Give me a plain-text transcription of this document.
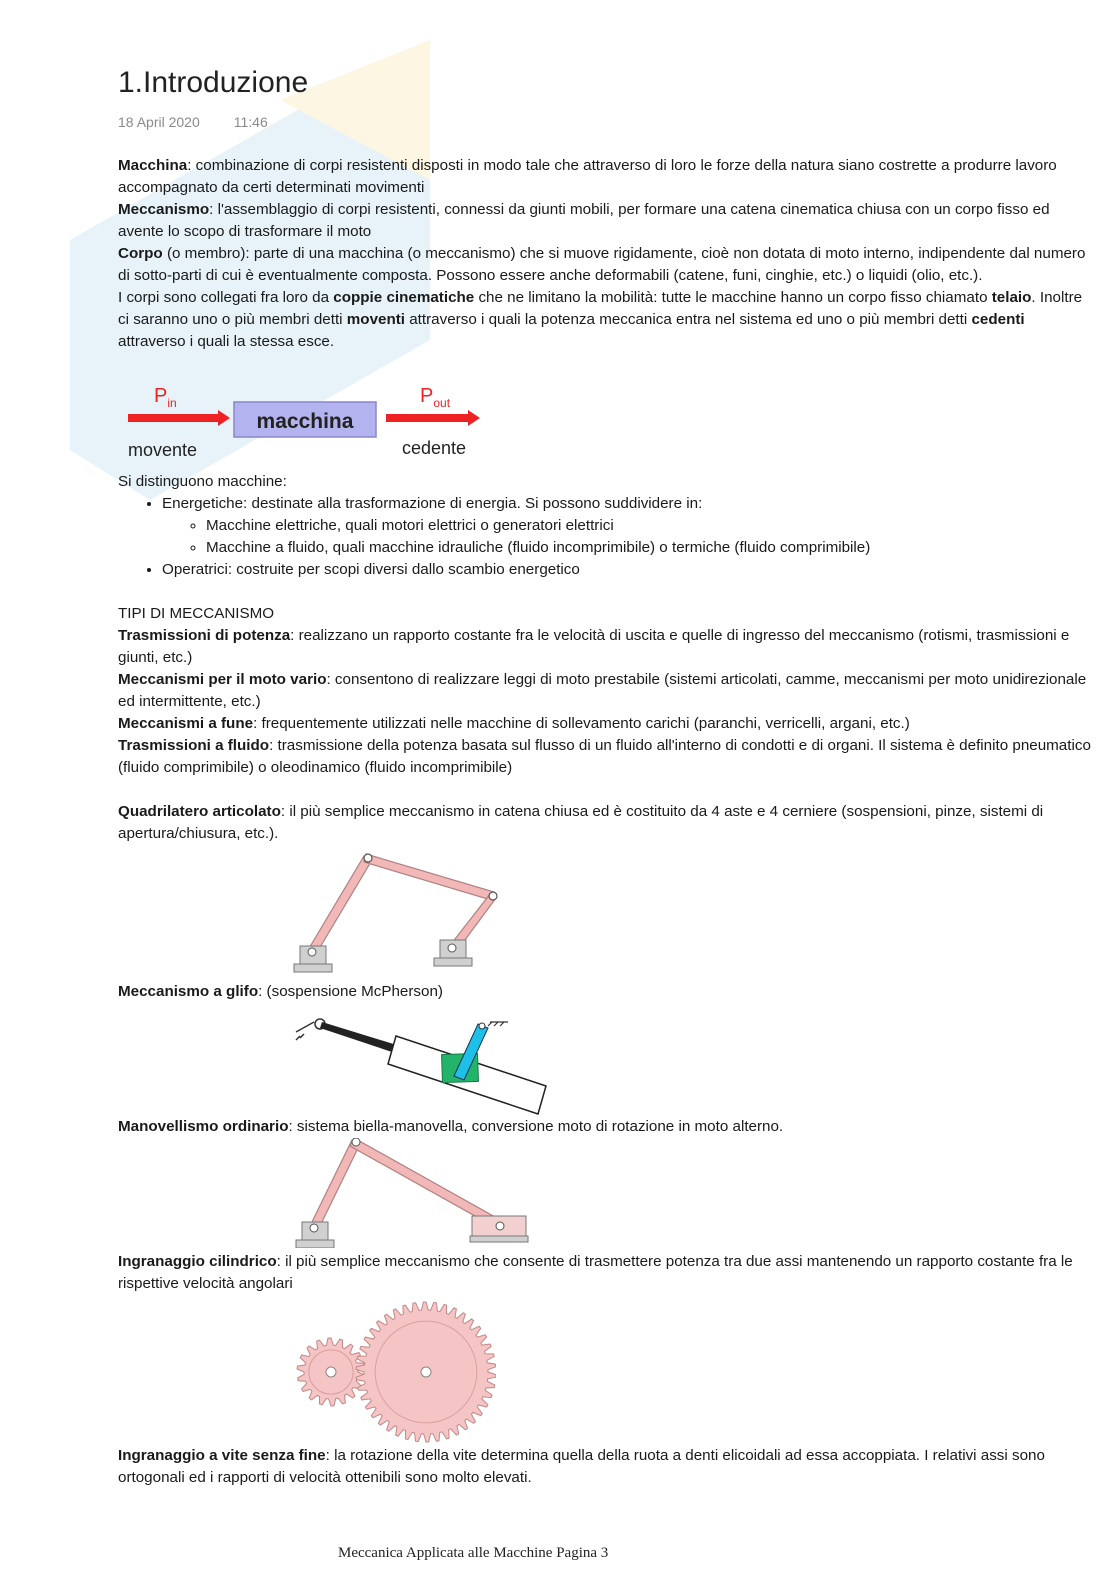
1.Introduzione
18 April 2020 11:46

Macchina: combinazione di corpi resistenti disposti in modo tale che attraverso di loro le forze della natura siano costrette a produrre lavoro accompagnato da certi determinati movimenti

Meccanismo: l'assemblaggio di corpi resistenti, connessi da giunti mobili, per formare una catena cinematica chiusa con un corpo fisso ed avente lo scopo di trasformare il moto

Corpo (o membro): parte di una macchina (o meccanismo) che si muove rigidamente, cioè non dotata di moto interno, indipendente dal numero di sotto-parti di cui è eventualmente composta. Possono essere anche deformabili (catene, funi, cinghie, etc.) o liquidi (olio, etc.).

I corpi sono collegati fra loro da coppie cinematiche che ne limitano la mobilità: tutte le macchine hanno un corpo fisso chiamato telaio. Inoltre ci saranno uno o più membri detti moventi attraverso i quali la potenza meccanica entra nel sistema ed uno o più membri detti cedenti attraverso i quali la stessa esce.

$P_{in}$
macchina
$P_{out}$
movente	cedente

Si distinguono macchine:

• Energetiche: destinate alla trasformazione di energia. Si possono suddividere in:
◦ Macchine elettriche, quali motori elettrici o generatori elettrici
◦ Macchine a fluido, quali macchine idrauliche (fluido incomprimibile) o termiche (fluido comprimibile)
• Operatrici: costruite per scopi diversi dallo scambio energetico

TIPI DI MECCANISMO

Trasmissioni di potenza: realizzano un rapporto costante fra le velocità di uscita e quelle di ingresso del meccanismo (rotismi, trasmissioni e giunti, etc.)

Meccanismi per il moto vario: consentono di realizzare leggi di moto prestabile (sistemi articolati, camme, meccanismi per moto unidirezionale ed intermittente, etc.)

Meccanismi a fune: frequentemente utilizzati nelle macchine di sollevamento carichi (paranchi, verricelli, argani, etc.)

Trasmissioni a fluido: trasmissione della potenza basata sul flusso di un fluido all'interno di condotti e di organi. Il sistema è definito pneumatico (fluido comprimibile) o oleodinamico (fluido incomprimibile)

Quadrilatero articolato: il più semplice meccanismo in catena chiusa ed è costituito da 4 aste e 4 cerniere (sospensioni, pinze, sistemi di apertura/chiusura, etc.).

Meccanismo a glifo: (sospensione McPherson)

Manovellismo ordinario: sistema biella-manovella, conversione moto di rotazione in moto alterno.

Ingranaggio cilindrico: il più semplice meccanismo che consente di trasmettere potenza tra due assi mantenendo un rapporto costante fra le rispettive velocità angolari

Ingranaggio a vite senza fine: la rotazione della vite determina quella della ruota a denti elicoidali ad essa accoppiata. I relativi assi sono ortogonali ed i rapporti di velocità ottenibili sono molto elevati.

Meccanica Applicata alle Macchine Pagina 3
